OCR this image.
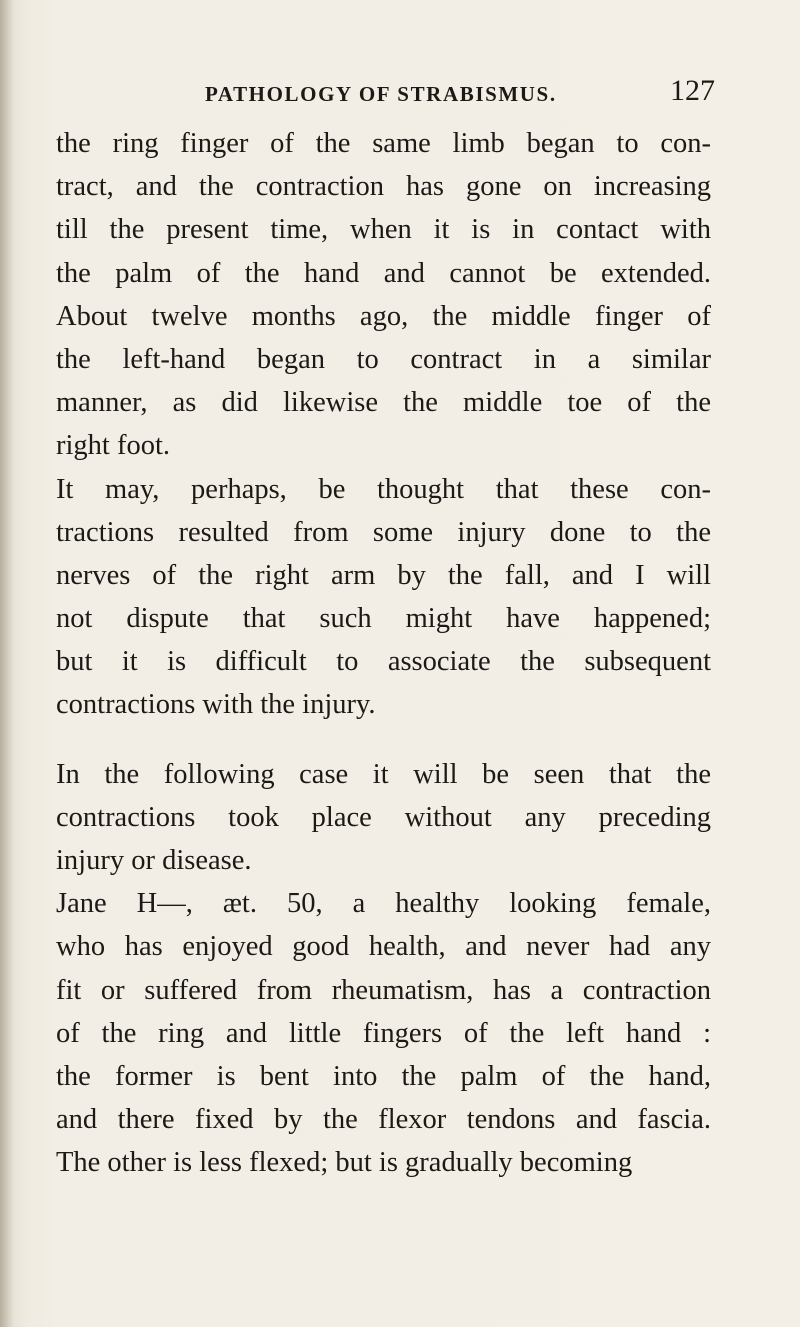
PATHOLOGY OF STRABISMUS.	127
the ring finger of the same limb began to con-
tract, and the contraction has gone on increasing
till the present time, when it is in contact with
the palm of the hand and cannot be extended.
About twelve months ago, the middle finger of
the left-hand began to contract in a similar
manner, as did likewise the middle toe of the
right foot.
It may, perhaps, be thought that these con-
tractions resulted from some injury done to the
nerves of the right arm by the fall, and I will
not dispute that such might have happened;
but it is difficult to associate the subsequent
contractions with the injury.
In the following case it will be seen that the
contractions took place without any preceding
injury or disease.
Jane H—, æt. 50, a healthy looking female,
who has enjoyed good health, and never had any
fit or suffered from rheumatism, has a contraction
of the ring and little fingers of the left hand :
the former is bent into the palm of the hand,
and there fixed by the flexor tendons and fascia.
The other is less flexed; but is gradually becoming
